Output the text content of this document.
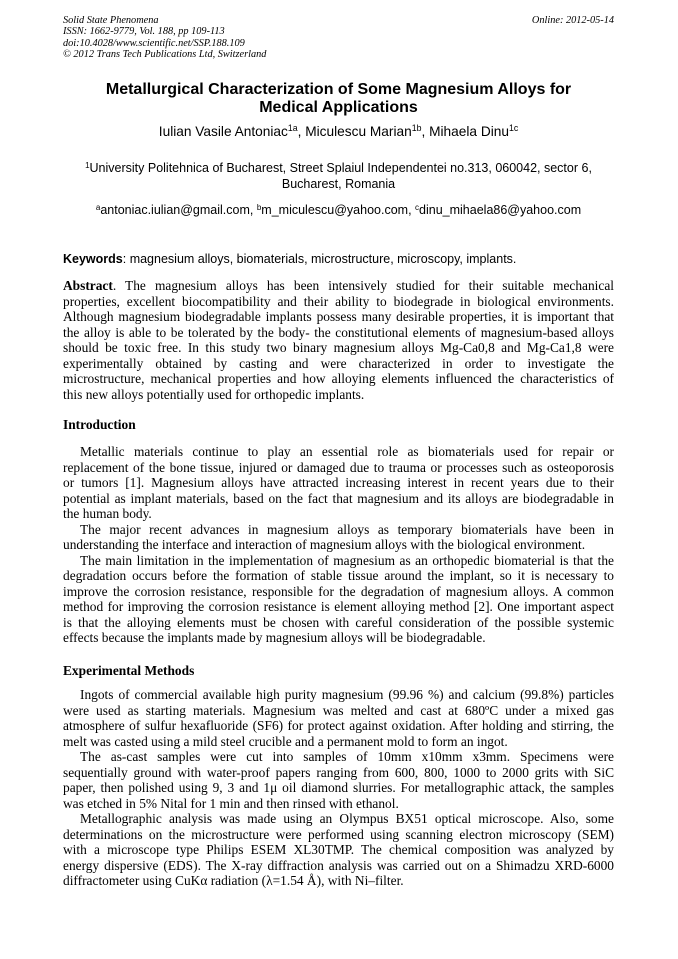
Solid State Phenomena
ISSN: 1662-9779, Vol. 188, pp 109-113
doi:10.4028/www.scientific.net/SSP.188.109
© 2012 Trans Tech Publications Ltd, Switzerland
Online: 2012-05-14
Metallurgical Characterization of Some Magnesium Alloys for
Medical Applications
Iulian Vasile Antoniac$^{1a}$, Miculescu Marian$^{1b}$, Mihaela Dinu$^{1c}$
$^1$University Politehnica of Bucharest, Street Splaiul Independentei no.313, 060042, sector 6,
Bucharest, Romania
$^a$antoniac.iulian@gmail.com, $^b$m_miculescu@yahoo.com, $^c$dinu_mihaela86@yahoo.com
Keywords: magnesium alloys, biomaterials, microstructure, microscopy, implants.
Abstract. The magnesium alloys has been intensively studied for their suitable mechanical
properties, excellent biocompatibility and their ability to biodegrade in biological environments.
Although magnesium biodegradable implants possess many desirable properties, it is important that
the alloy is able to be tolerated by the body- the constitutional elements of magnesium-based alloys
should be toxic free. In this study two binary magnesium alloys Mg-Ca0,8 and Mg-Ca1,8 were
experimentally obtained by casting and were characterized in order to investigate the
microstructure, mechanical properties and how alloying elements influenced the characteristics of
this new alloys potentially used for orthopedic implants.
Introduction
Metallic materials continue to play an essential role as biomaterials used for repair or
replacement of the bone tissue, injured or damaged due to trauma or processes such as osteoporosis
or tumors [1]. Magnesium alloys have attracted increasing interest in recent years due to their
potential as implant materials, based on the fact that magnesium and its alloys are biodegradable in
the human body.
The major recent advances in magnesium alloys as temporary biomaterials have been in
understanding the interface and interaction of magnesium alloys with the biological environment.
The main limitation in the implementation of magnesium as an orthopedic biomaterial is that the
degradation occurs before the formation of stable tissue around the implant, so it is necessary to
improve the corrosion resistance, responsible for the degradation of magnesium alloys. A common
method for improving the corrosion resistance is element alloying method [2]. One important aspect
is that the alloying elements must be chosen with careful consideration of the possible systemic
effects because the implants made by magnesium alloys will be biodegradable.
Experimental Methods
Ingots of commercial available high purity magnesium (99.96 %) and calcium (99.8%) particles
were used as starting materials. Magnesium was melted and cast at 680ºC under a mixed gas
atmosphere of sulfur hexafluoride (SF6) for protect against oxidation. After holding and stirring, the
melt was casted using a mild steel crucible and a permanent mold to form an ingot.
The as-cast samples were cut into samples of 10mm x10mm x3mm. Specimens were
sequentially ground with water-proof papers ranging from 600, 800, 1000 to 2000 grits with SiC
paper, then polished using 9, 3 and 1μ oil diamond slurries. For metallographic attack, the samples
was etched in 5% Nital for 1 min and then rinsed with ethanol.
Metallographic analysis was made using an Olympus BX51 optical microscope. Also, some
determinations on the microstructure were performed using scanning electron microscopy (SEM)
with a microscope type Philips ESEM XL30TMP. The chemical composition was analyzed by
energy dispersive (EDS). The X-ray diffraction analysis was carried out on a Shimadzu XRD-6000
diffractometer using CuKα radiation (λ=1.54 Å), with Ni–filter.
